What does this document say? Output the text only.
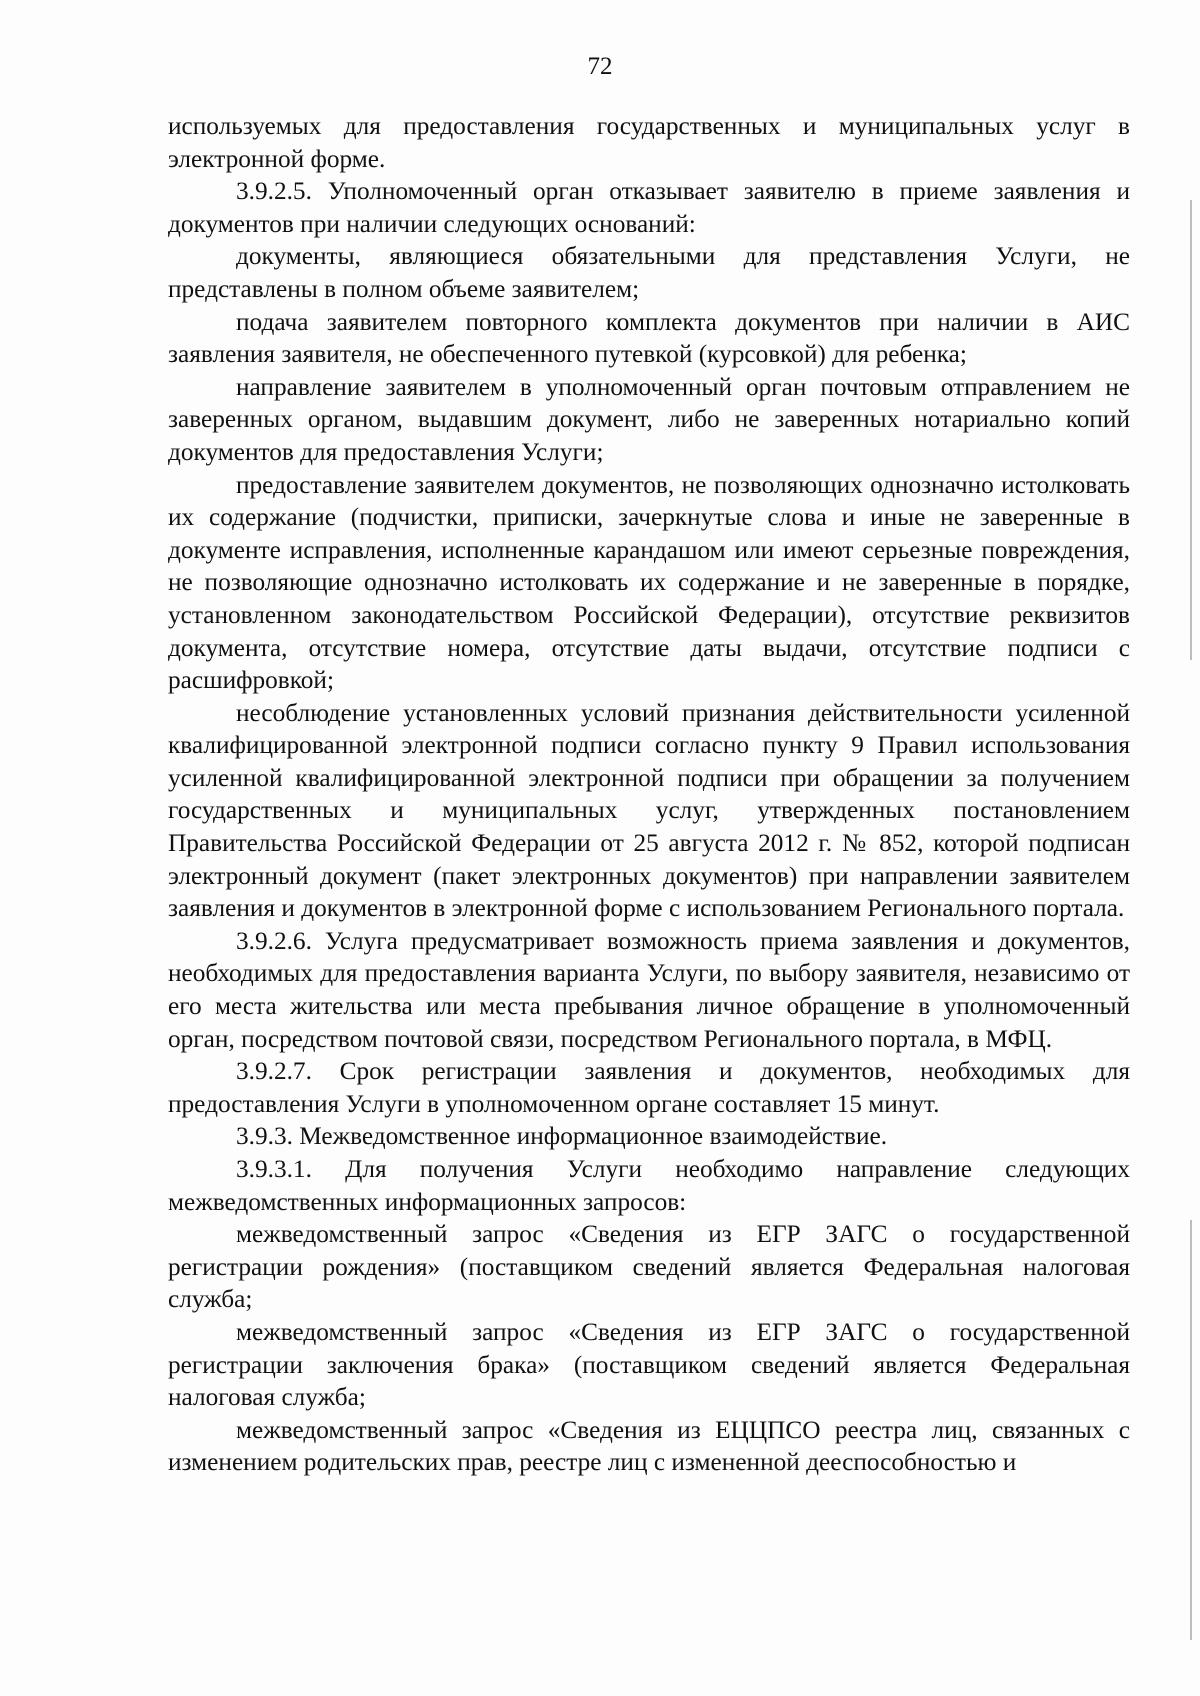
72

используемых для предоставления государственных и муниципальных услуг в электронной форме.

3.9.2.5. Уполномоченный орган отказывает заявителю в приеме заявления и документов при наличии следующих оснований:

документы, являющиеся обязательными для представления Услуги, не представлены в полном объеме заявителем;

подача заявителем повторного комплекта документов при наличии в АИС заявления заявителя, не обеспеченного путевкой (курсовкой) для ребенка;

направление заявителем в уполномоченный орган почтовым отправлением не заверенных органом, выдавшим документ, либо не заверенных нотариально копий документов для предоставления Услуги;

предоставление заявителем документов, не позволяющих однозначно истолковать их содержание (подчистки, приписки, зачеркнутые слова и иные не заверенные в документе исправления, исполненные карандашом или имеют серьезные повреждения, не позволяющие однозначно истолковать их содержание и не заверенные в порядке, установленном законодательством Российской Федерации), отсутствие реквизитов документа, отсутствие номера, отсутствие даты выдачи, отсутствие подписи с расшифровкой;

несоблюдение установленных условий признания действительности усиленной квалифицированной электронной подписи согласно пункту 9 Правил использования усиленной квалифицированной электронной подписи при обращении за получением государственных и муниципальных услуг, утвержденных постановлением Правительства Российской Федерации от 25 августа 2012 г. № 852, которой подписан электронный документ (пакет электронных документов) при направлении заявителем заявления и документов в электронной форме с использованием Регионального портала.

3.9.2.6. Услуга предусматривает возможность приема заявления и документов, необходимых для предоставления варианта Услуги, по выбору заявителя, независимо от его места жительства или места пребывания личное обращение в уполномоченный орган, посредством почтовой связи, посредством Регионального портала, в МФЦ.

3.9.2.7. Срок регистрации заявления и документов, необходимых для предоставления Услуги в уполномоченном органе составляет 15 минут.

3.9.3. Межведомственное информационное взаимодействие.

3.9.3.1. Для получения Услуги необходимо направление следующих межведомственных информационных запросов:

межведомственный запрос «Сведения из ЕГР ЗАГС о государственной регистрации рождения» (поставщиком сведений является Федеральная налоговая служба;

межведомственный запрос «Сведения из ЕГР ЗАГС о государственной регистрации заключения брака» (поставщиком сведений является Федеральная налоговая служба;

межведомственный запрос «Сведения из ЕЦЦПСО реестра лиц, связанных с изменением родительских прав, реестре лиц с измененной дееспособностью и
